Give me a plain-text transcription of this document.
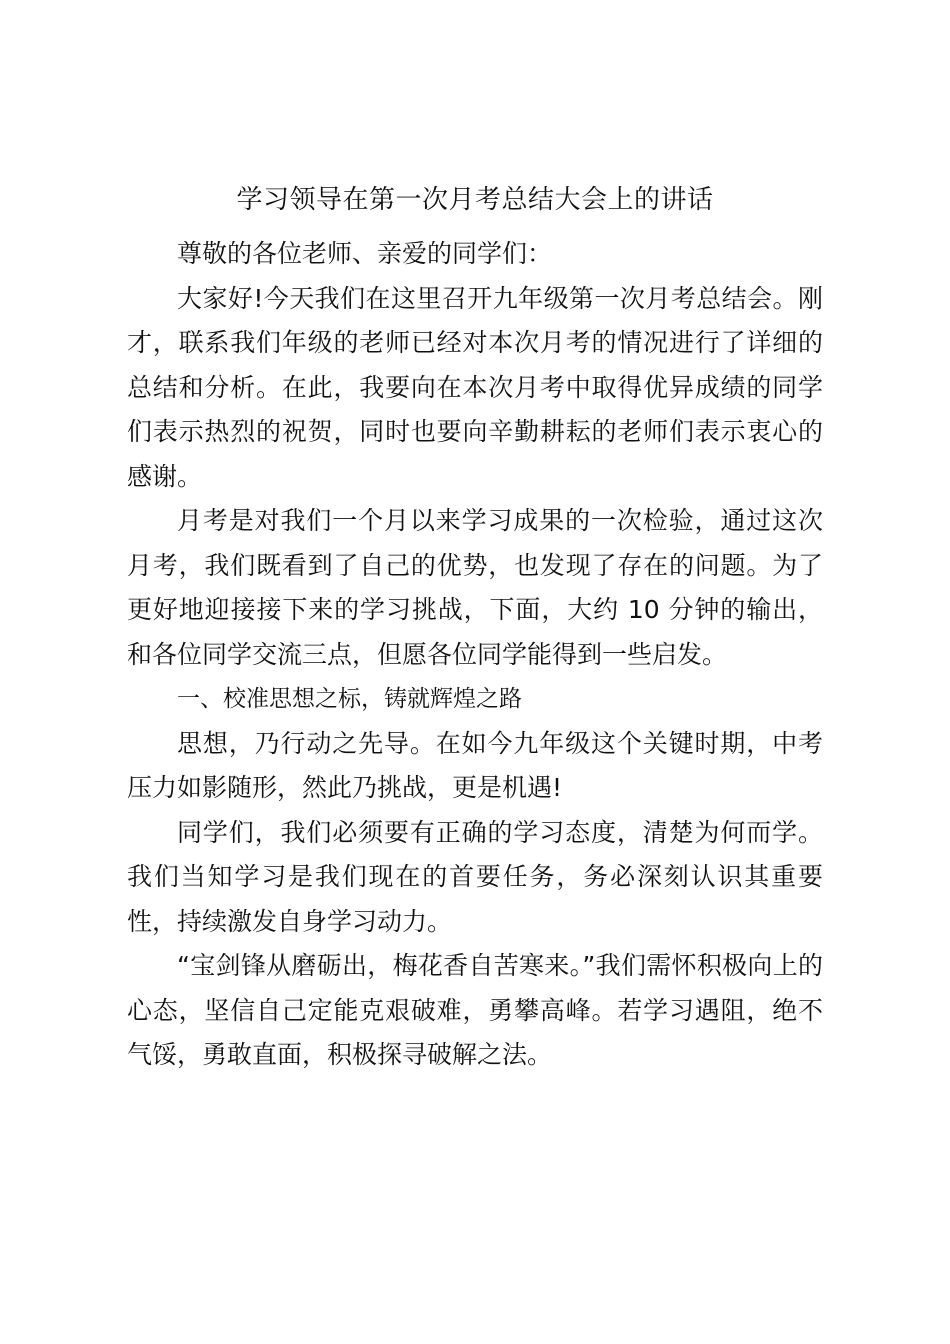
学习领导在第一次月考总结大会上的讲话

尊敬的各位老师、亲爱的同学们：

大家好!今天我们在这里召开九年级第一次月考总结会。刚才，联系我们年级的老师已经对本次月考的情况进行了详细的总结和分析。在此，我要向在本次月考中取得优异成绩的同学们表示热烈的祝贺，同时也要向辛勤耕耘的老师们表示衷心的感谢。

月考是对我们一个月以来学习成果的一次检验，通过这次月考，我们既看到了自己的优势，也发现了存在的问题。为了更好地迎接接下来的学习挑战，下面，大约 10 分钟的输出，和各位同学交流三点，但愿各位同学能得到一些启发。

一、校准思想之标，铸就辉煌之路

思想，乃行动之先导。在如今九年级这个关键时期，中考压力如影随形，然此乃挑战，更是机遇!

同学们，我们必须要有正确的学习态度，清楚为何而学。我们当知学习是我们现在的首要任务，务必深刻认识其重要性，持续激发自身学习动力。

“宝剑锋从磨砺出，梅花香自苦寒来。”我们需怀积极向上的心态，坚信自己定能克艰破难，勇攀高峰。若学习遇阻，绝不气馁，勇敢直面，积极探寻破解之法。
